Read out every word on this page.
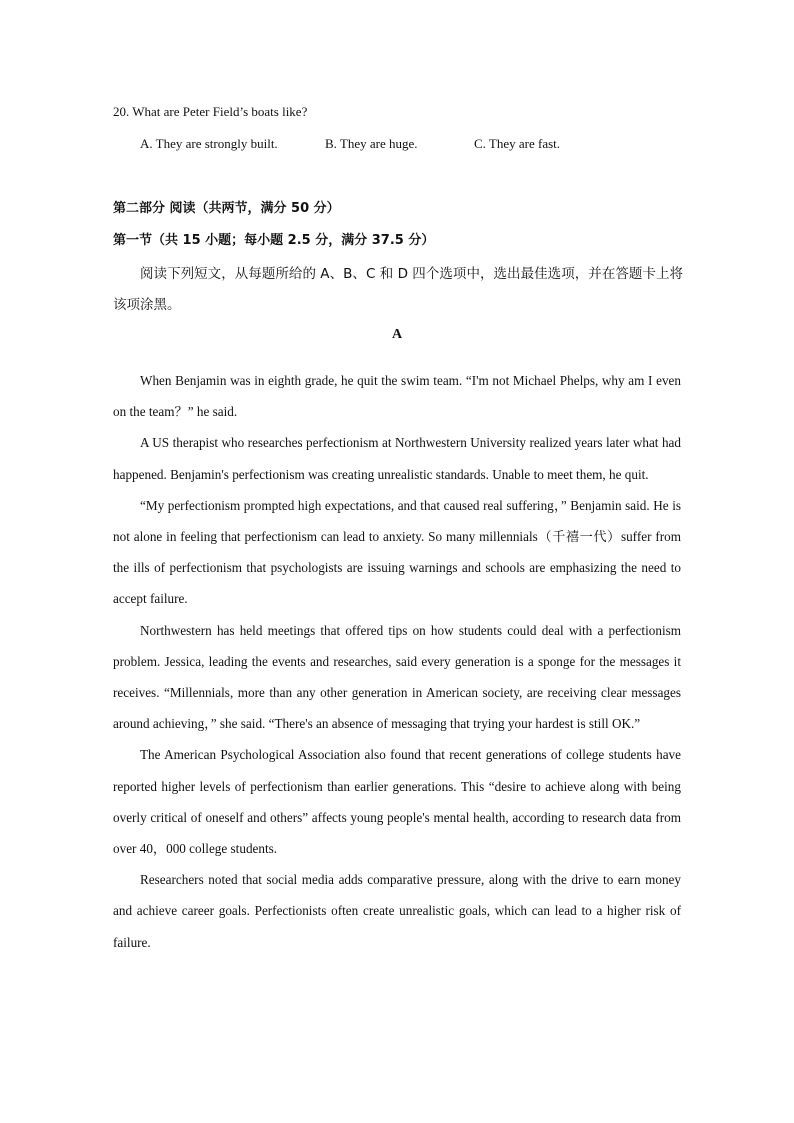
20. What are Peter Field’s boats like?
A. They are strongly built.	B. They are huge.	C. They are fast.
第二部分 阅读（共两节，满分 50 分）
第一节（共 15 小题；每小题 2.5 分，满分 37.5 分）
阅读下列短文，从每题所给的 A、B、C 和 D 四个选项中，选出最佳选项，并在答题卡上将该项涂黑。
A

When Benjamin was in eighth grade, he quit the swim team. “I'm not Michael Phelps, why am I even on the team？” he said.

A US therapist who researches perfectionism at Northwestern University realized years later what had happened. Benjamin's perfectionism was creating unrealistic standards. Unable to meet them, he quit.

“My perfectionism prompted high expectations, and that caused real suffering，” Benjamin said. He is not alone in feeling that perfectionism can lead to anxiety. So many millennials（千禧一代）suffer from the ills of perfectionism that psychologists are issuing warnings and schools are emphasizing the need to accept failure.

Northwestern has held meetings that offered tips on how students could deal with a perfectionism problem. Jessica, leading the events and researches, said every generation is a sponge for the messages it receives. “Millennials, more than any other generation in American society, are receiving clear messages around achieving，” she said. “There's an absence of messaging that trying your hardest is still OK.”

The American Psychological Association also found that recent generations of college students have reported higher levels of perfectionism than earlier generations. This “desire to achieve along with being overly critical of oneself and others” affects young people's mental health, according to research data from over 40，000 college students.

Researchers noted that social media adds comparative pressure, along with the drive to earn money and achieve career goals. Perfectionists often create unrealistic goals, which can lead to a higher risk of failure.
